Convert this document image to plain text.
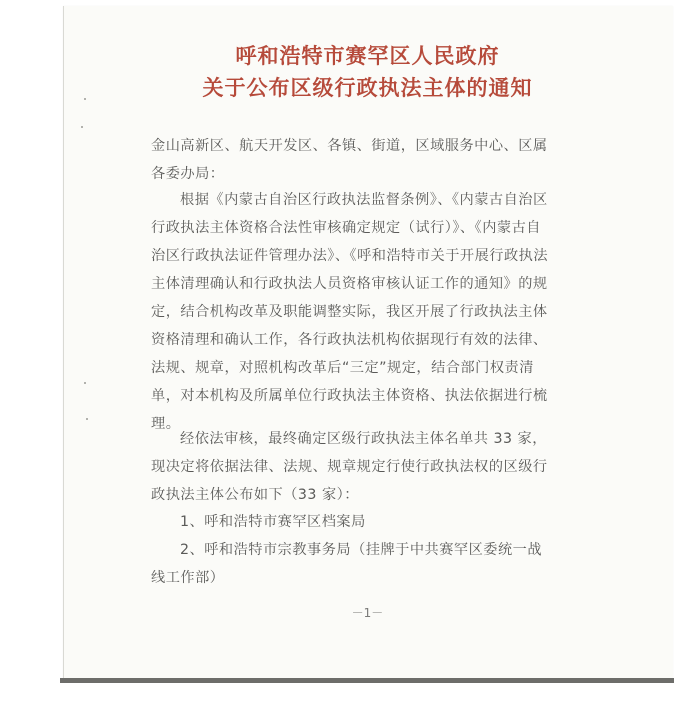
呼和浩特市赛罕区人民政府
关于公布区级行政执法主体的通知
金山高新区、航天开发区、各镇、街道，区域服务中心、区属各委办局：
根据《内蒙古自治区行政执法监督条例》、《内蒙古自治区行政执法主体资格合法性审核确定规定（试行）》、《内蒙古自治区行政执法证件管理办法》、《呼和浩特市关于开展行政执法主体清理确认和行政执法人员资格审核认证工作的通知》的规定，结合机构改革及职能调整实际，我区开展了行政执法主体资格清理和确认工作，各行政执法机构依据现行有效的法律、法规、规章，对照机构改革后“三定”规定，结合部门权责清单，对本机构及所属单位行政执法主体资格、执法依据进行梳理。
经依法审核，最终确定区级行政执法主体名单共 33 家，现决定将依据法律、法规、规章规定行使行政执法权的区级行政执法主体公布如下（33 家）：
1、呼和浩特市赛罕区档案局
2、呼和浩特市宗教事务局（挂牌于中共赛罕区委统一战线工作部）
－1－
